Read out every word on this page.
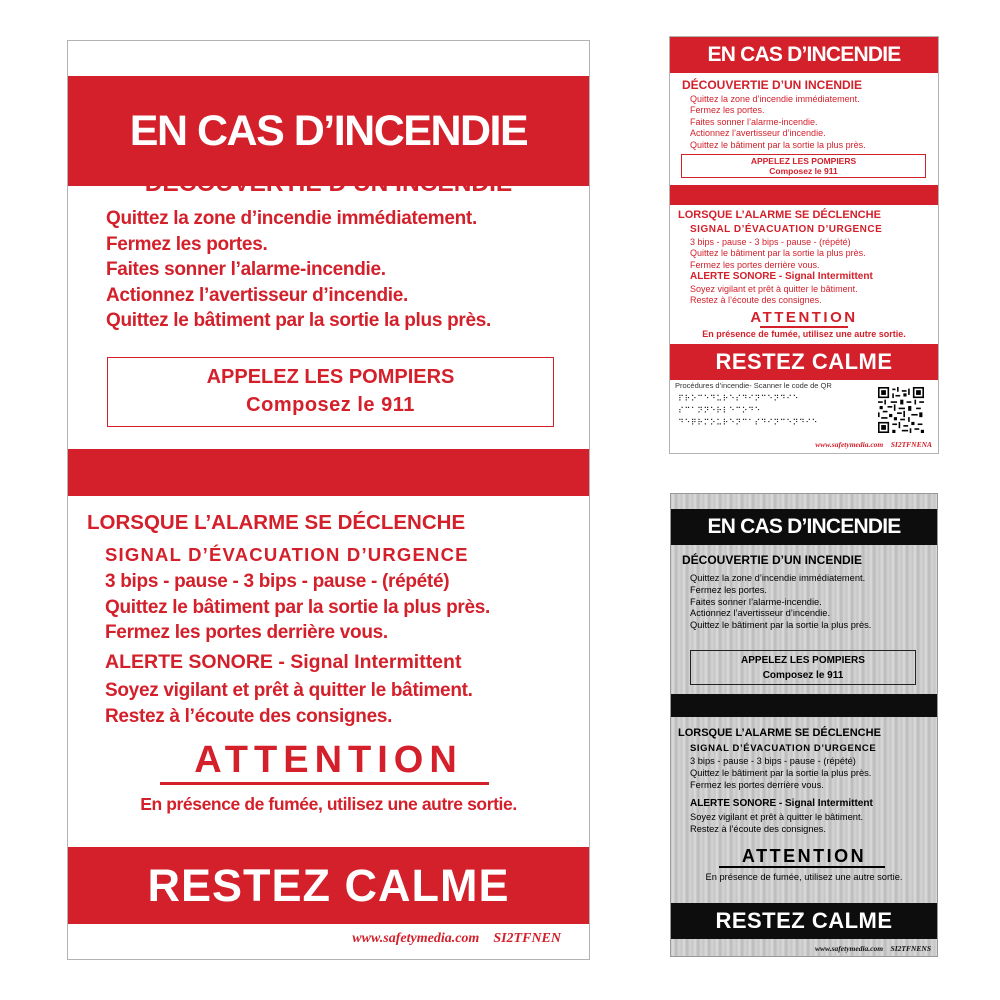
EN CAS D’INCENDIE
DÉCOUVERTIE D’UN INCENDIE
Quittez la zone d’incendie immédiatement.
Fermez les portes.
Faites sonner l’alarme-incendie.
Actionnez l’avertisseur d’incendie.
Quittez le bâtiment par la sortie la plus près.
APPELEZ LES POMPIERS
Composez le 911
LORSQUE L’ALARME SE DÉCLENCHE
SIGNAL D’ÉVACUATION D’URGENCE
3 bips - pause - 3 bips - pause - (répété)
Quittez le bâtiment par la sortie la plus près.
Fermez les portes derrière vous.
ALERTE SONORE - Signal Intermittent
Soyez vigilant et prêt à quitter le bâtiment.
Restez à l’écoute des consignes.
ATTENTION
En présence de fumée, utilisez une autre sortie.
RESTEZ CALME
www.safetymedia.com    SI2TFNEN
EN CAS D’INCENDIE
DÉCOUVERTIE D’UN INCENDIE
Quittez la zone d’incendie immédiatement.
Fermez les portes.
Faites sonner l’alarme-incendie.
Actionnez l’avertisseur d’incendie.
Quittez le bâtiment par la sortie la plus près.
APPELEZ LES POMPIERS
Composez le 911
LORSQUE L’ALARME SE DÉCLENCHE
SIGNAL D’ÉVACUATION D’URGENCE
3 bips - pause - 3 bips - pause - (répété)
Quittez le bâtiment par la sortie la plus près.
Fermez les portes derrière vous.
ALERTE SONORE - Signal Intermittent
Soyez vigilant et prêt à quitter le bâtiment.
Restez à l’écoute des consignes.
ATTENTION
En présence de fumée, utilisez une autre sortie.
RESTEZ CALME
Procédures d’incendie- Scanner le code de QR
⠏⠗⠕⠉⠑⠙⠥⠗⠑⠎⠙⠊⠝⠉⠑⠝⠙⠊⠑
⠎⠉⠁⠝⠝⠑⠗⠇⠑⠉⠕⠙⠑
⠙⠑⠟⠗⠍⠕⠥⠗⠑⠝⠉⠁⠎⠙⠊⠝⠉⠑⠝⠙⠊⠑
www.safetymedia.com    SI2TFNENA
EN CAS D’INCENDIE
DÉCOUVERTIE D’UN INCENDIE
Quittez la zone d’incendie immédiatement.
Fermez les portes.
Faites sonner l’alarme-incendie.
Actionnez l’avertisseur d’incendie.
Quittez le bâtiment par la sortie la plus près.
APPELEZ LES POMPIERS
Composez le 911
LORSQUE L’ALARME SE DÉCLENCHE
SIGNAL D’ÉVACUATION D’URGENCE
3 bips - pause - 3 bips - pause - (répété)
Quittez le bâtiment par la sortie la plus près.
Fermez les portes derrière vous.
ALERTE SONORE - Signal Intermittent
Soyez vigilant et prêt à quitter le bâtiment.
Restez à l’écoute des consignes.
ATTENTION
En présence de fumée, utilisez une autre sortie.
RESTEZ CALME
www.safetymedia.com    SI2TFNENS
